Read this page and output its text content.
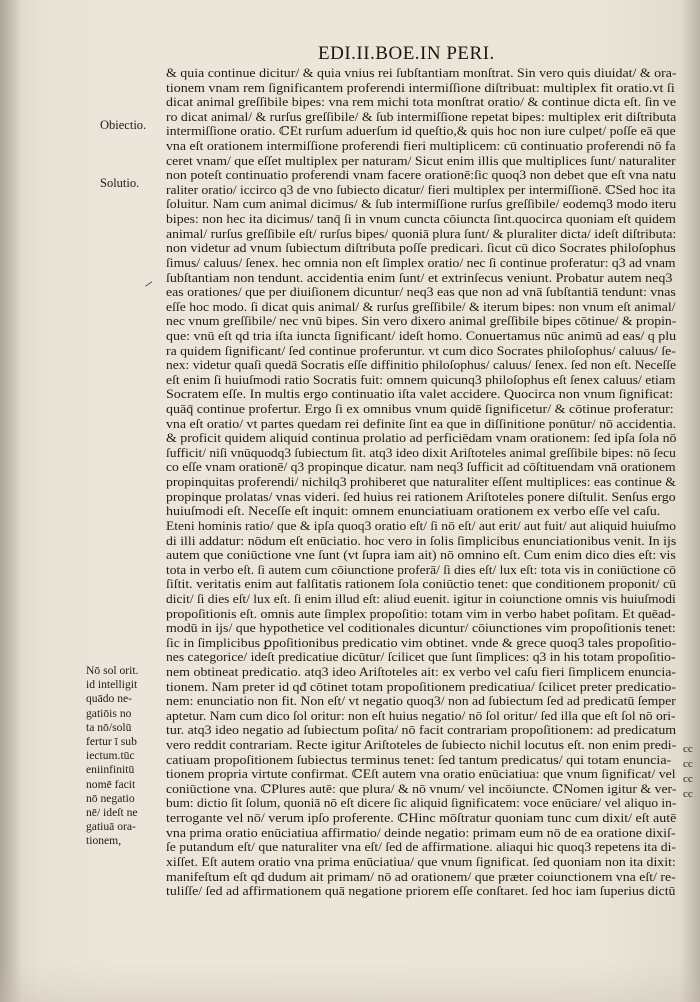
EDI.II.BOE.IN PERI.
Obiectio.
Solutio.
& quia continue dicitur/ & quia vnius rei ſubſtantiam monſtrat. Sin vero quis diuidat/ & ora-
tionem vnam rem ſignificantem proferendi intermiſſione diſtribuat: multiplex fit oratio.vt ſi
dicat animal greſſibile bipes: vna rem michi tota monſtrat oratio/ & continue dicta eſt. ſin ve
ro dicat animal/ & rurſus greſſibile/ & ſub intermiſſione repetat bipes: multiplex erit diſtributa
intermiſſione oratio. ℂEt rurſum aduerſum id queſtio,& quis hoc non iure culpet/ poſſe eā que
vna eſt orationem intermiſſione proferendi fieri multiplicem: cū continuatio proferendi nō fa
ceret vnam/ que eſſet multiplex per naturam/ Sicut enim illis que multiplices ſunt/ naturaliter
non poteſt continuatio proferendi vnam facere orationē:ſic quoq3 non debet que eſt vna natu
raliter oratio/ iccirco q3 de vno ſubiecto dicatur/ fieri multiplex per intermiſſionē. ℂSed hoc ita
ſoluitur. Nam cum animal dicimus/ & ſub intermiſſione rurſus greſſibile/ eodemq3 modo iteru
bipes: non hec ita dicimus/ tanq̄ ſi in vnum cuncta cōiuncta ſint.quocirca quoniam eſt quidem
animal/ rurſus greſſibile eſt/ rurſus bipes/ quoniā plura ſunt/ & pluraliter dicta/ ideſt diſtributa:
non videtur ad vnum ſubiectum diſtributa poſſe predicari. ſicut cū dico Socrates philoſophus
ſimus/ caluus/ ſenex. hec omnia non eſt ſimplex oratio/ nec ſi continue proferatur: q3 ad vnam
ſubſtantiam non tendunt. accidentia enim ſunt/ et extrinſecus veniunt. Probatur autem neq3
eas orationes/ que per diuiſionem dicuntur/ neq3 eas que non ad vnā ſubſtantiā tendunt: vnas
eſſe hoc modo. ſi dicat quis animal/ & rurſus greſſibile/ & iterum bipes: non vnum eſt animal/
nec vnum greſſibile/ nec vnū bipes. Sin vero dixero animal greſſibile bipes cōtinue/ & propin-
que: vnū eſt qd tria iſta iuncta ſignificant/ ideſt homo. Conuertamus nūc animū ad eas/ q plu
ra quidem ſignificant/ ſed continue proferuntur. vt cum dico Socrates philoſophus/ caluus/ ſe-
nex: videtur quaſi quedā Socratis eſſe diffinitio philoſophus/ caluus/ ſenex. ſed non eſt. Neceſſe
eſt enim ſi huiuſmodi ratio Socratis fuit: omnem quicunq3 philoſophus eſt ſenex caluus/ etiam
Socratem eſſe. In multis ergo continuatio iſta valet accidere. Quocirca non vnum ſignificat:
quāq̄ continue profertur. Ergo ſi ex omnibus vnum quidē ſignificetur/ & cōtinue proferatur:
vna eſt oratio/ vt partes quedam rei definite ſint ea que in diſſinitione ponūtur/ nō accidentia.
& proficit quidem aliquid continua prolatio ad perficiēdam vnam orationem: ſed ipſa ſola nō
ſufficit/ niſi vnūquodq3 ſubiectum ſit. atq3 ideo dixit Ariſtoteles animal greſſibile bipes: nō ſecu
co eſſe vnam orationē/ q3 propinque dicatur. nam neq3 ſufficit ad cōſtituendam vnā orationem
propinquitas proferendi/ nichilq3 prohiberet que naturaliter eſſent multiplices: eas continue &
propinque prolatas/ vnas videri. ſed huius rei rationem Ariſtoteles ponere diſtulit. Senſus ergo
huiuſmodi eſt. Neceſſe eſt inquit: omnem enunciatiuam orationem ex verbo eſſe vel caſu.
Eteni hominis ratio/ que & ipſa quoq3 oratio eſt/ ſi nō eſt/ aut erit/ aut fuit/ aut aliquid huiuſmo
di illi addatur: nōdum eſt enūciatio. hoc vero in ſolis ſimplicibus enunciationibus venit. In ijs
autem que coniūctione vne ſunt (vt ſupra iam ait) nō omnino eſt. Cum enim dico dies eſt: vis
tota in verbo eſt. ſi autem cum cōiunctione proferā/ ſi dies eſt/ lux eſt: tota vis in coniūctione cō
ſiſtit. veritatis enim aut falſitatis rationem ſola coniūctio tenet: que conditionem proponit/ cū
dicit/ ſi dies eſt/ lux eſt. ſi enim illud eſt: aliud euenit. igitur in coiunctione omnis vis huiuſmodi
propoſitionis eſt. omnis aute ſimplex propoſitio: totam vim in verbo habet poſitam. Et quēad-
modū in ijs/ que hypothetice vel coditionales dicuntur/ cōiunctiones vim propoſitionis tenet:
ſic in ſimplicibus ꝑpoſitionibus predicatio vim obtinet. vnde & grece quoq3 tales propoſitio-
nes categorice/ ideſt predicatiue dicūtur/ ſcilicet que ſunt ſimplices: q3 in his totam propoſitio-
nem obtineat predicatio. atq3 ideo Ariſtoteles ait: ex verbo vel caſu fieri ſimplicem enuncia-
tionem. Nam preter id qđ cōtinet totam propoſitionem predicatiua/ ſcilicet preter predicatio-
nem: enunciatio non fit. Non eſt/ vt negatio quoq3/ non ad ſubiectum ſed ad predicatū ſemper
aptetur. Nam cum dico ſol oritur: non eſt huius negatio/ nō ſol oritur/ ſed illa que eſt ſol nō ori-
tur. atq3 ideo negatio ad ſubiectum poſita/ nō facit contrariam propoſitionem: ad predicatum
vero reddit contrariam. Recte igitur Ariſtoteles de ſubiecto nichil locutus eſt. non enim predi-
catiuam propoſitionem ſubiectus terminus tenet: ſed tantum predicatus/ qui totam enuncia-
tionem propria virtute confirmat. ℂEſt autem vna oratio enūciatiua: que vnum ſignificat/ vel
coniūctione vna. ℂPlures autē: que plura/ & nō vnum/ vel incōiuncte. ℂNomen igitur & ver-
bum: dictio ſit ſolum, quoniā nō eſt dicere ſic aliquid ſignificatem: voce enūciare/ vel aliquo in-
terrogante vel nō/ verum ipſo proferente. ℂHinc mōſtratur quoniam tunc cum dixit/ eſt autē
vna prima oratio enūciatiua affirmatio/ deinde negatio: primam eum nō de ea oratione dixiſ-
ſe putandum eſt/ que naturaliter vna eſt/ ſed de affirmatione. aliaqui hic quoq3 repetens ita di-
xiſſet. Eſt autem oratio vna prima enūciatiua/ que vnum ſignificat. ſed quoniam non ita dixit:
manifeſtum eſt qđ dudum ait primam/ nō ad orationem/ que præter coiunctionem vna eſt/ re-
tuliſſe/ ſed ad affirmationem quā negatione priorem eſſe conſtaret. ſed hoc iam ſuperius dictū
Nō sol orit.
id intelligit
quādo ne-
gatiōis no
ta nō/solū
fertur ī sub
iectum.tūc
eniinfinitū
nomē facit
nō negatio
nē/ ideſt ne
gatiuā ora-
tionem,
cc
cc
cc
cc
